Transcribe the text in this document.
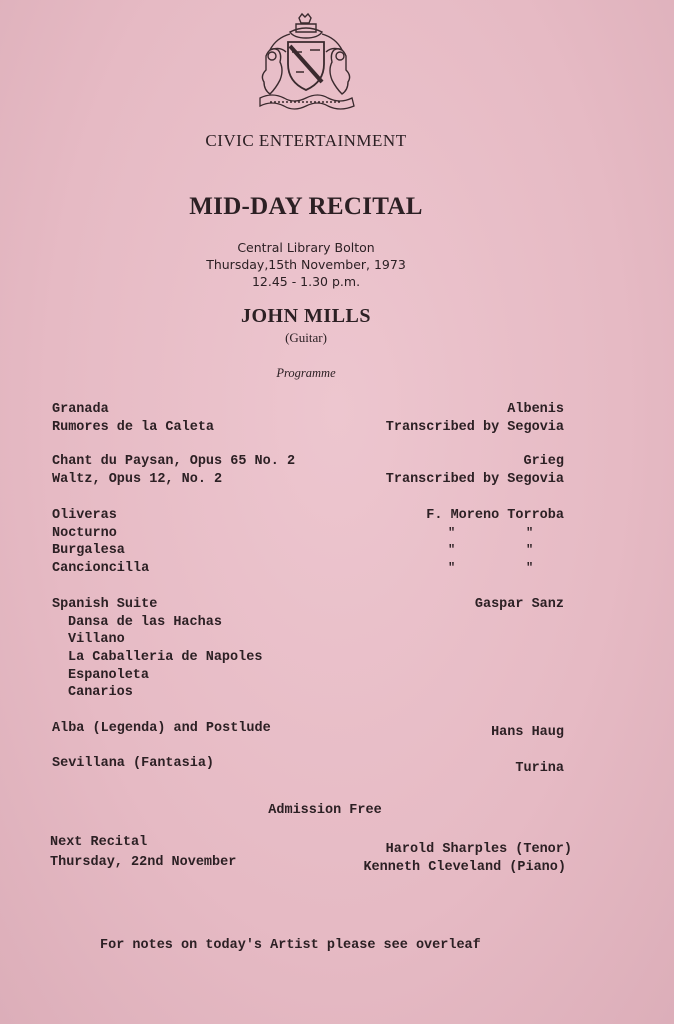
CIVIC ENTERTAINMENT
MID-DAY RECITAL
Central Library Bolton
Thursday,15th November, 1973
12.45 - 1.30 p.m.
JOHN MILLS
(Guitar)
Programme
Granada	Albenis
Rumores de la Caleta	Transcribed by Segovia
Chant du Paysan, Opus 65 No. 2	Grieg
Waltz, Opus 12, No. 2	Transcribed by Segovia
Oliveras	F. Moreno Torroba
Nocturno	"	"
Burgalesa	"	"
Cancioncilla	"	"
Spanish Suite	Gaspar Sanz
Dansa de las Hachas
Villano
La Caballeria de Napoles
Espanoleta
Canarios
Alba (Legenda) and Postlude	Hans Haug
Sevillana (Fantasia)	Turina
Admission Free
Next Recital	Harold Sharples (Tenor)
Thursday, 22nd November	Kenneth Cleveland (Piano)
For notes on today's Artist please see overleaf
